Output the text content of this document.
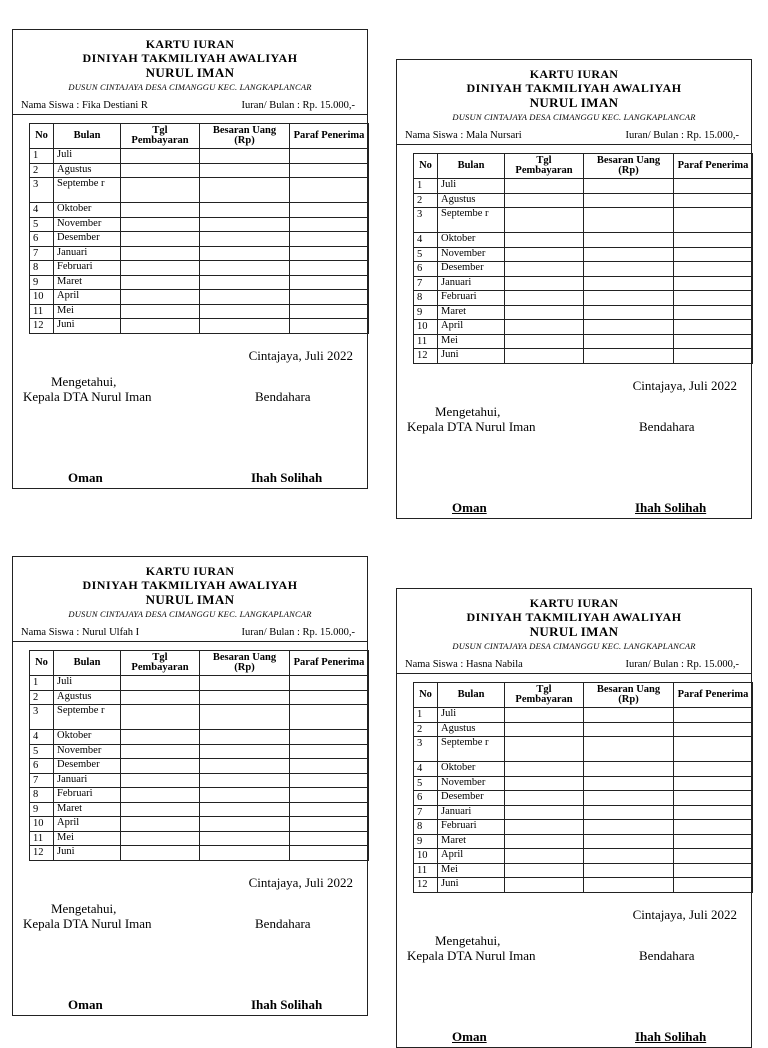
KARTU IURAN
DINIYAH TAKMILIYAH AWALIYAH
NURUL IMAN
DUSUN CINTAJAYA DESA CIMANGGU KEC. LANGKAPLANCAR
Nama Siswa : Fika Destiani R	Iuran/ Bulan : Rp. 15.000,-
No	Bulan	Tgl Pembayaran	Besaran Uang (Rp)	Paraf Penerima
1	Juli			
2	Agustus			
3	Septembe r			
4	Oktober			
5	November			
6	Desember			
7	Januari			
8	Februari			
9	Maret			
10	April			
11	Mei			
12	Juni			
Cintajaya, Juli 2022
Mengetahui,
Kepala DTA Nurul Iman	Bendahara
Oman	Ihah Solihah
KARTU IURAN
DINIYAH TAKMILIYAH AWALIYAH
NURUL IMAN
DUSUN CINTAJAYA DESA CIMANGGU KEC. LANGKAPLANCAR
Nama Siswa : Mala Nursari	Iuran/ Bulan : Rp. 15.000,-
No	Bulan	Tgl Pembayaran	Besaran Uang (Rp)	Paraf Penerima
1	Juli			
2	Agustus			
3	Septembe r			
4	Oktober			
5	November			
6	Desember			
7	Januari			
8	Februari			
9	Maret			
10	April			
11	Mei			
12	Juni			
Cintajaya, Juli 2022
Mengetahui,
Kepala DTA Nurul Iman	Bendahara
Oman	Ihah Solihah
KARTU IURAN
DINIYAH TAKMILIYAH AWALIYAH
NURUL IMAN
DUSUN CINTAJAYA DESA CIMANGGU KEC. LANGKAPLANCAR
Nama Siswa : Nurul Ulfah I	Iuran/ Bulan : Rp. 15.000,-
No	Bulan	Tgl Pembayaran	Besaran Uang (Rp)	Paraf Penerima
1	Juli			
2	Agustus			
3	Septembe r			
4	Oktober			
5	November			
6	Desember			
7	Januari			
8	Februari			
9	Maret			
10	April			
11	Mei			
12	Juni			
Cintajaya, Juli 2022
Mengetahui,
Kepala DTA Nurul Iman	Bendahara
Oman	Ihah Solihah
KARTU IURAN
DINIYAH TAKMILIYAH AWALIYAH
NURUL IMAN
DUSUN CINTAJAYA DESA CIMANGGU KEC. LANGKAPLANCAR
Nama Siswa : Hasna Nabila	Iuran/ Bulan : Rp. 15.000,-
No	Bulan	Tgl Pembayaran	Besaran Uang (Rp)	Paraf Penerima
1	Juli			
2	Agustus			
3	Septembe r			
4	Oktober			
5	November			
6	Desember			
7	Januari			
8	Februari			
9	Maret			
10	April			
11	Mei			
12	Juni			
Cintajaya, Juli 2022
Mengetahui,
Kepala DTA Nurul Iman	Bendahara
Oman	Ihah Solihah
